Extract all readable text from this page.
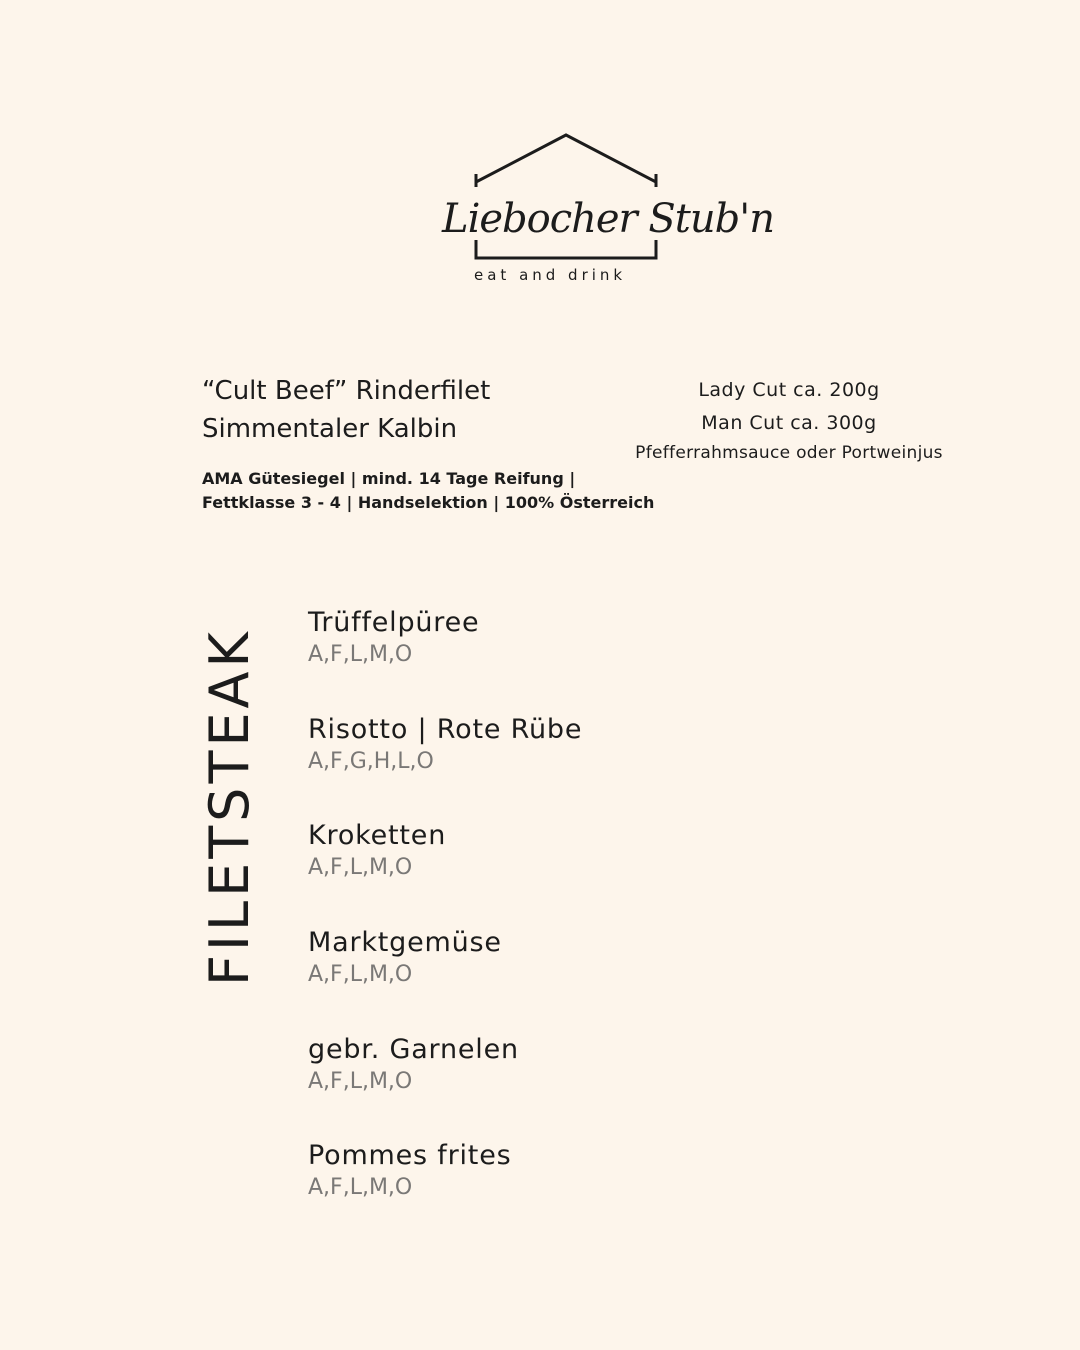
Liebocher Stub'n
eat and drink
“Cult Beef” Rinderfilet
Simmentaler Kalbin
AMA Gütesiegel | mind. 14 Tage Reifung |
Fettklasse 3 - 4 | Handselektion | 100% Österreich
Lady Cut ca. 200g
Man Cut ca. 300g
Pfefferrahmsauce oder Portweinjus
FILETSTEAK
Trüffelpüree
A,F,L,M,O
Risotto | Rote Rübe
A,F,G,H,L,O
Kroketten
A,F,L,M,O
Marktgemüse
A,F,L,M,O
gebr. Garnelen
A,F,L,M,O
Pommes frites
A,F,L,M,O
